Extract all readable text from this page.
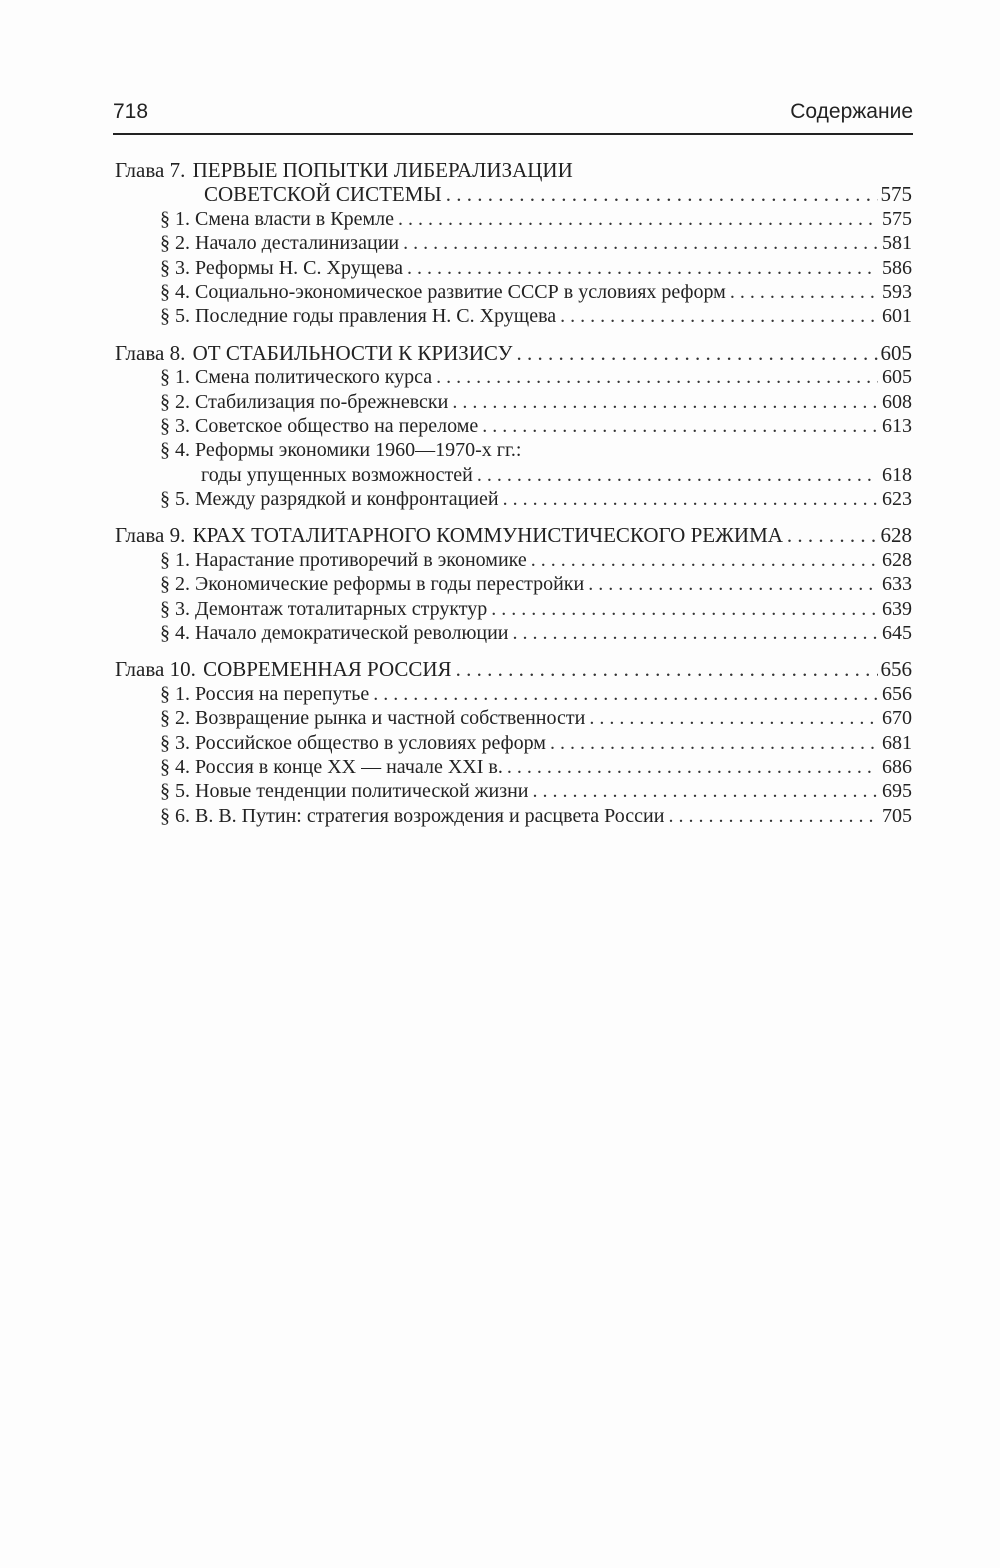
718	Содержание
Глава 7. ПЕРВЫЕ ПОПЫТКИ ЛИБЕРАЛИЗАЦИИ
СОВЕТСКОЙ СИСТЕМЫ . . .	575
§ 1. Смена власти в Кремле . . .	575
§ 2. Начало десталинизации . . .	581
§ 3. Реформы Н. С. Хрущева . . .	586
§ 4. Социально-экономическое развитие СССР в условиях реформ . . .	593
§ 5. Последние годы правления Н. С. Хрущева . . .	601
Глава 8. ОТ СТАБИЛЬНОСТИ К КРИЗИСУ . . .	605
§ 1. Смена политического курса . . .	605
§ 2. Стабилизация по-брежневски . . .	608
§ 3. Советское общество на переломе . . .	613
§ 4. Реформы экономики 1960—1970-х гг.:
годы упущенных возможностей . . .	618
§ 5. Между разрядкой и конфронтацией . . .	623
Глава 9. КРАХ ТОТАЛИТАРНОГО КОММУНИСТИЧЕСКОГО РЕЖИМА . . .	628
§ 1. Нарастание противоречий в экономике . . .	628
§ 2. Экономические реформы в годы перестройки . . .	633
§ 3. Демонтаж тоталитарных структур . . .	639
§ 4. Начало демократической революции . . .	645
Глава 10. СОВРЕМЕННАЯ РОССИЯ . . .	656
§ 1. Россия на перепутье . . .	656
§ 2. Возвращение рынка и частной собственности . . .	670
§ 3. Российское общество в условиях реформ . . .	681
§ 4. Россия в конце XX — начале XXI в. . . .	686
§ 5. Новые тенденции политической жизни . . .	695
§ 6. В. В. Путин: стратегия возрождения и расцвета России . . .	705
